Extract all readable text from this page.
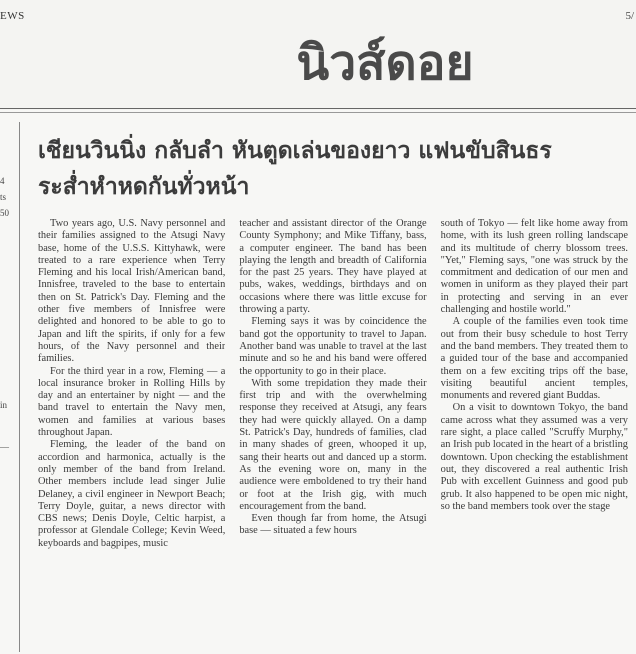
EWS	5/
นิวส์ดอย
4
ts
50
in
—
เชียนวินนิ่ง กลับลำ หันตูดเล่นของยาว แฟนขับสินธร
ระส่ำหำหดกันทั่วหน้า

Two years ago, U.S. Navy personnel and their families assigned to the Atsugi Navy base, home of the U.S.S. Kittyhawk, were treated to a rare experience when Terry Fleming and his local Irish/American band, Innisfree, traveled to the base to entertain then on St. Patrick's Day. Fleming and the other five members of Innisfree were delighted and honored to be able to go to Japan and lift the spirits, if only for a few hours, of the Navy personnel and their families.

For the third year in a row, Fleming — a local insurance broker in Rolling Hills by day and an entertainer by night — and the band travel to entertain the Navy men, women and families at various bases throughout Japan.

Fleming, the leader of the band on accordion and harmonica, actually is the only member of the band from Ireland. Other members include lead singer Julie Delaney, a civil engineer in Newport Beach; Terry Doyle, guitar, a news director with CBS news; Denis Doyle, Celtic harpist, a professor at Glendale College; Kevin Weed, keyboards and bagpipes, music

teacher and assistant director of the Orange County Symphony; and Mike Tiffany, bass, a computer engineer. The band has been playing the length and breadth of California for the past 25 years. They have played at pubs, wakes, weddings, birthdays and on occasions where there was little excuse for throwing a party.

Fleming says it was by coincidence the band got the opportunity to travel to Japan. Another band was unable to travel at the last minute and so he and his band were offered the opportunity to go in their place.

With some trepidation they made their first trip and with the overwhelming response they received at Atsugi, any fears they had were quickly allayed. On a damp St. Patrick's Day, hundreds of families, clad in many shades of green, whooped it up, sang their hearts out and danced up a storm. As the evening wore on, many in the audience were emboldened to try their hand or foot at the Irish gig, with much encouragement from the band.

Even though far from home, the Atsugi base — situated a few hours

south of Tokyo — felt like home away from home, with its lush green rolling landscape and its multitude of cherry blossom trees. "Yet," Fleming says, "one was struck by the commitment and dedication of our men and women in uniform as they played their part in protecting and serving in an ever challenging and hostile world."

A couple of the families even took time out from their busy schedule to host Terry and the band members. They treated them to a guided tour of the base and accompanied them on a few exciting trips off the base, visiting beautiful ancient temples, monuments and revered giant Buddas.

On a visit to downtown Tokyo, the band came across what they assumed was a very rare sight, a place called "Scruffy Murphy," an Irish pub located in the heart of a bristling downtown. Upon checking the establishment out, they discovered a real authentic Irish Pub with excellent Guinness and good pub grub. It also happened to be open mic night, so the band members took over the stage
